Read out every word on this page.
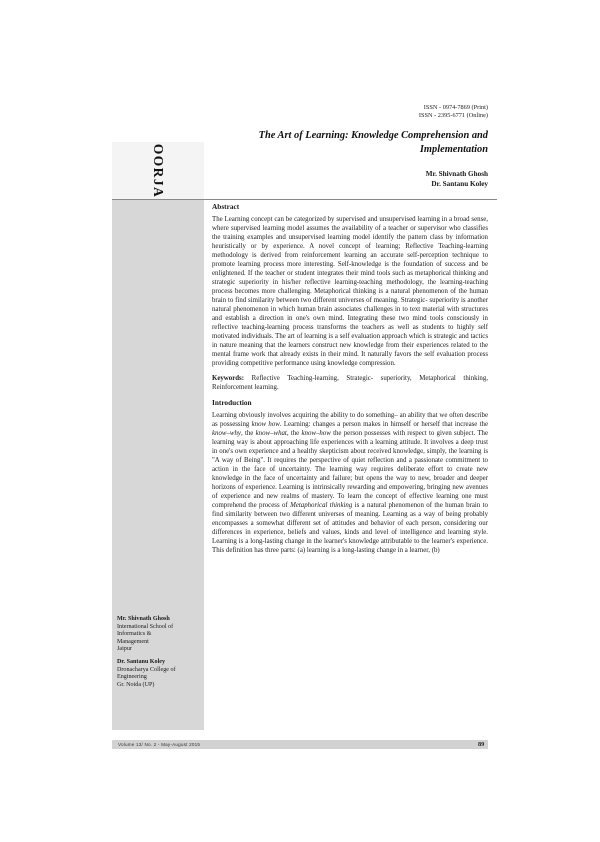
ISSN - 0974-7869 (Print)
ISSN - 2395-6771 (Online)
OORJA
The Art of Learning: Knowledge Comprehension and
Implementation
Mr. Shivnath Ghosh
Dr. Santanu Koley
Abstract

The Learning concept can be categorized by supervised and unsupervised learning in a broad sense, where supervised learning model assumes the availability of a teacher or supervisor who classifies the training examples and unsupervised learning model identify the pattern class by information heuristically or by experience. A novel concept of learning; Reflective Teaching-learning methodology is derived from reinforcement learning an accurate self-perception technique to promote learning process more interesting. Self-knowledge is the foundation of success and be enlightened. If the teacher or student integrates their mind tools such as metaphorical thinking and strategic superiority in his/her reflective learning-teaching methodology, the learning-teaching process becomes more challenging. Metaphorical thinking is a natural phenomenon of the human brain to find similarity between two different universes of meaning. Strategic- superiority is another natural phenomenon in which human brain associates challenges in to text material with structures and establish a direction in one's own mind. Integrating these two mind tools consciously in reflective teaching-learning process transforms the teachers as well as students to highly self motivated individuals. The art of learning is a self evaluation approach which is strategic and tactics in nature meaning that the learners construct new knowledge from their experiences related to the mental frame work that already exists in their mind. It naturally favors the self evaluation process providing competitive performance using knowledge compression.

Keywords: Reflective Teaching-learning, Strategic- superiority, Metaphorical thinking, Reinforcement learning.

Introduction

Learning obviously involves acquiring the ability to do something– an ability that we often describe as possessing know how. Learning: changes a person makes in himself or herself that increase the know–why, the know–what, the know–how the person possesses with respect to given subject. The learning way is about approaching life experiences with a learning attitude. It involves a deep trust in one's own experience and a healthy skepticism about received knowledge, simply, the learning is "A way of Being". It requires the perspective of quiet reflection and a passionate commitment to action in the face of uncertainty. The learning way requires deliberate effort to create new knowledge in the face of uncertainty and failure; but opens the way to new, broader and deeper horizons of experience. Learning is intrinsically rewarding and empowering, bringing new avenues of experience and new realms of mastery. To learn the concept of effective learning one must comprehend the process of Metaphorical thinking is a natural phenomenon of the human brain to find similarity between two different universes of meaning. Learning as a way of being probably encompasses a somewhat different set of attitudes and behavior of each person, considering our differences in experience, beliefs and values, kinds and level of intelligence and learning style. Learning is a long-lasting change in the learner's knowledge attributable to the learner's experience. This definition has three parts: (a) learning is a long-lasting change in a learner, (b)

Mr. Shivnath Ghosh
International School of
Informatics &
Management
Jaipur
Dr. Santanu Koley
Dronacharya College of
Engineering
Gr. Noida (UP)
Volume 13/ No. 2 - May-August 2015	89
